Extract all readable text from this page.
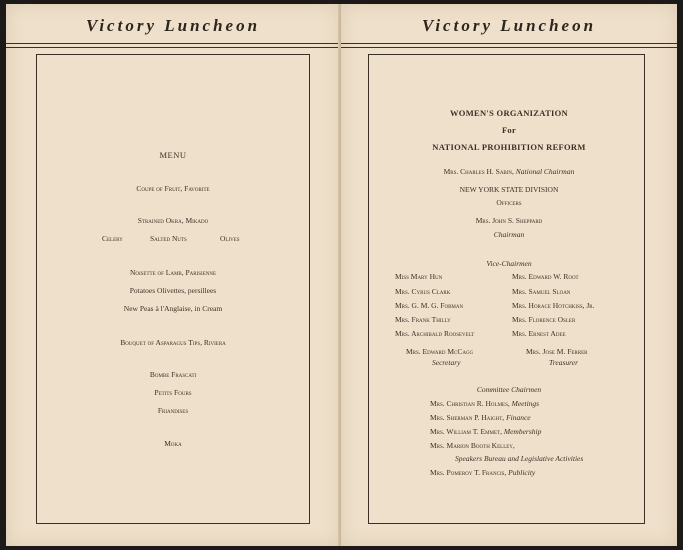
Victory Luncheon
MENU
Coupe of Fruit, Favorite
Strained Okra, Mikado
Celery	Salted Nuts	Olives
Noisette of Lamb, Parisienne
Potatoes Olivettes, persillees
New Peas à l'Anglaise, in Cream
Bouquet of Asparagus Tips, Riviera
Bombe Frascati
Petits Fours
Friandises
Moka
Victory Luncheon
WOMEN'S ORGANIZATION
For
NATIONAL PROHIBITION REFORM
Mrs. Charles H. Sabin, National Chairman
NEW YORK STATE DIVISION
Officers
Mrs. John S. Sheppard
Chairman
Vice-Chairmen
Miss Mary Hun
Mrs. Cyrus Clark
Mrs. G. M. G. Forman
Mrs. Frank Thilly
Mrs. Archibald Roosevelt
Mrs. Edward W. Root
Mrs. Samuel Sloan
Mrs. Horace Hotchkiss, Jr.
Mrs. Florence Osler
Mrs. Ernest Adee
Mrs. Edward McCagg
Secretary
Mrs. Jose M. Ferrer
Treasurer
Committee Chairmen
Mrs. Christian R. Holmes, Meetings
Mrs. Sherman P. Haight, Finance
Mrs. William T. Emmet, Membership
Mrs. Marion Booth Kelley,
Speakers Bureau and Legislative Activities
Mrs. Pomeroy T. Francis, Publicity
